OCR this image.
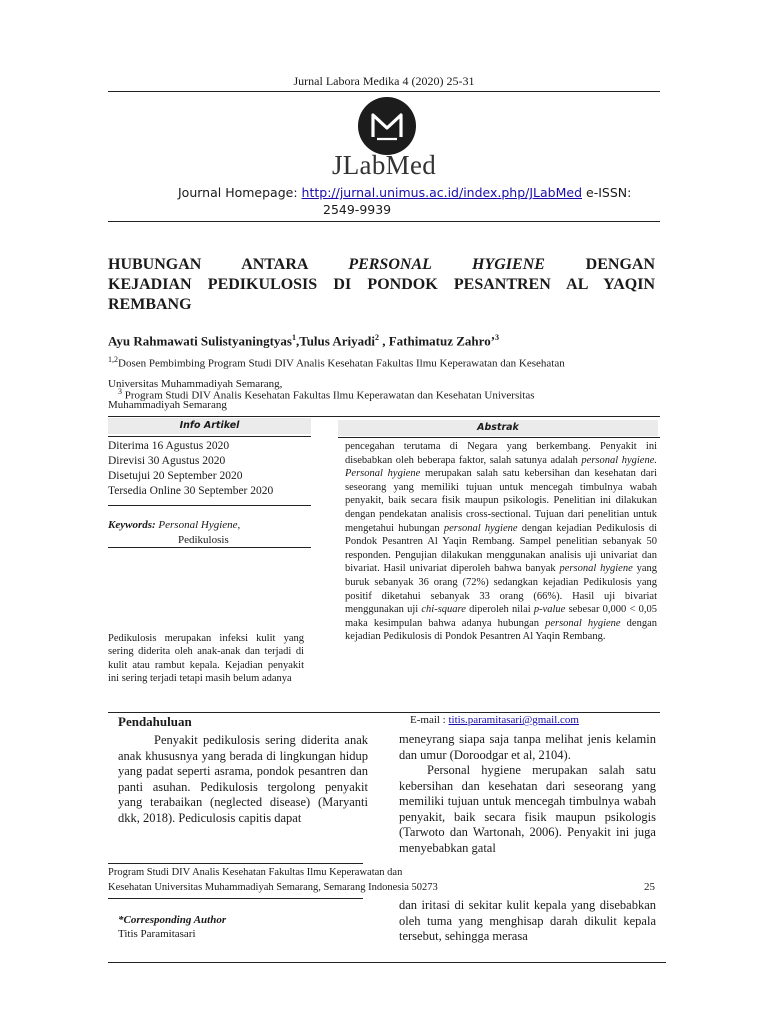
Jurnal Labora Medika 4 (2020) 25-31
JLabMed
Journal Homepage: http://jurnal.unimus.ac.id/index.php/JLabMed e-ISSN:
2549-9939
HUBUNGAN ANTARA PERSONAL HYGIENE DENGAN
KEJADIAN PEDIKULOSIS DI PONDOK PESANTREN AL YAQIN
REMBANG
Ayu Rahmawati Sulistyaningtyas$^1$,Tulus Ariyadi$^2$ , Fathimatuz Zahro’$^3$
$^{1,2}$Dosen Pembimbing Program Studi DIV Analis Kesehatan Fakultas Ilmu Keperawatan dan Kesehatan
Universitas Muhammadiyah Semarang,
$^3$ Program Studi DIV Analis Kesehatan Fakultas Ilmu Keperawatan dan Kesehatan Universitas
Muhammadiyah Semarang
Info Artikel	Abstrak
Diterima 16 Agustus 2020
Direvisi 30 Agustus 2020
Disetujui 20 September 2020
Tersedia Online 30 September 2020
Keywords: Personal Hygiene,
Pedikulosis
pencegahan terutama di Negara yang berkembang. Penyakit ini disebabkan oleh beberapa faktor, salah satunya adalah personal hygiene. Personal hygiene merupakan salah satu kebersihan dan kesehatan dari seseorang yang memiliki tujuan untuk mencegah timbulnya wabah penyakit, baik secara fisik maupun psikologis. Penelitian ini dilakukan dengan pendekatan analisis cross-sectional. Tujuan dari penelitian untuk mengetahui hubungan personal hygiene dengan kejadian Pedikulosis di Pondok Pesantren Al Yaqin Rembang. Sampel penelitian sebanyak 50 responden. Pengujian dilakukan menggunakan analisis uji univariat dan bivariat. Hasil univariat diperoleh bahwa banyak personal hygiene yang buruk sebanyak 36 orang (72%) sedangkan kejadian Pedikulosis yang positif diketahui sebanyak 33 orang (66%). Hasil uji bivariat menggunakan uji chi-square diperoleh nilai p-value sebesar 0,000 < 0,05 maka kesimpulan bahwa adanya hubungan personal hygiene dengan kejadian Pedikulosis di Pondok Pesantren Al Yaqin Rembang.
Pedikulosis merupakan infeksi kulit yang sering diderita oleh anak-anak dan terjadi di kulit atau rambut kepala. Kejadian penyakit ini sering terjadi tetapi masih belum adanya
E-mail : titis.paramitasari@gmail.com
Pendahuluan
Penyakit pedikulosis sering diderita anak anak khususnya yang berada di lingkungan hidup yang padat seperti asrama, pondok pesantren dan panti asuhan. Pedikulosis tergolong penyakit yang terabaikan (neglected disease) (Maryanti dkk, 2018). Pediculosis capitis dapat
meneyrang siapa saja tanpa melihat jenis kelamin dan umur (Doroodgar et al, 2104).
Personal hygiene merupakan salah satu kebersihan dan kesehatan dari seseorang yang memiliki tujuan untuk mencegah timbulnya wabah penyakit, baik secara fisik maupun psikologis (Tarwoto dan Wartonah, 2006). Penyakit ini juga menyebabkan gatal
Program Studi DIV Analis Kesehatan Fakultas Ilmu Keperawatan dan
Kesehatan Universitas Muhammadiyah Semarang, Semarang Indonesia 50273	25
*Corresponding Author
Titis Paramitasari
dan iritasi di sekitar kulit kepala yang disebabkan oleh tuma yang menghisap darah dikulit kepala tersebut, sehingga merasa
